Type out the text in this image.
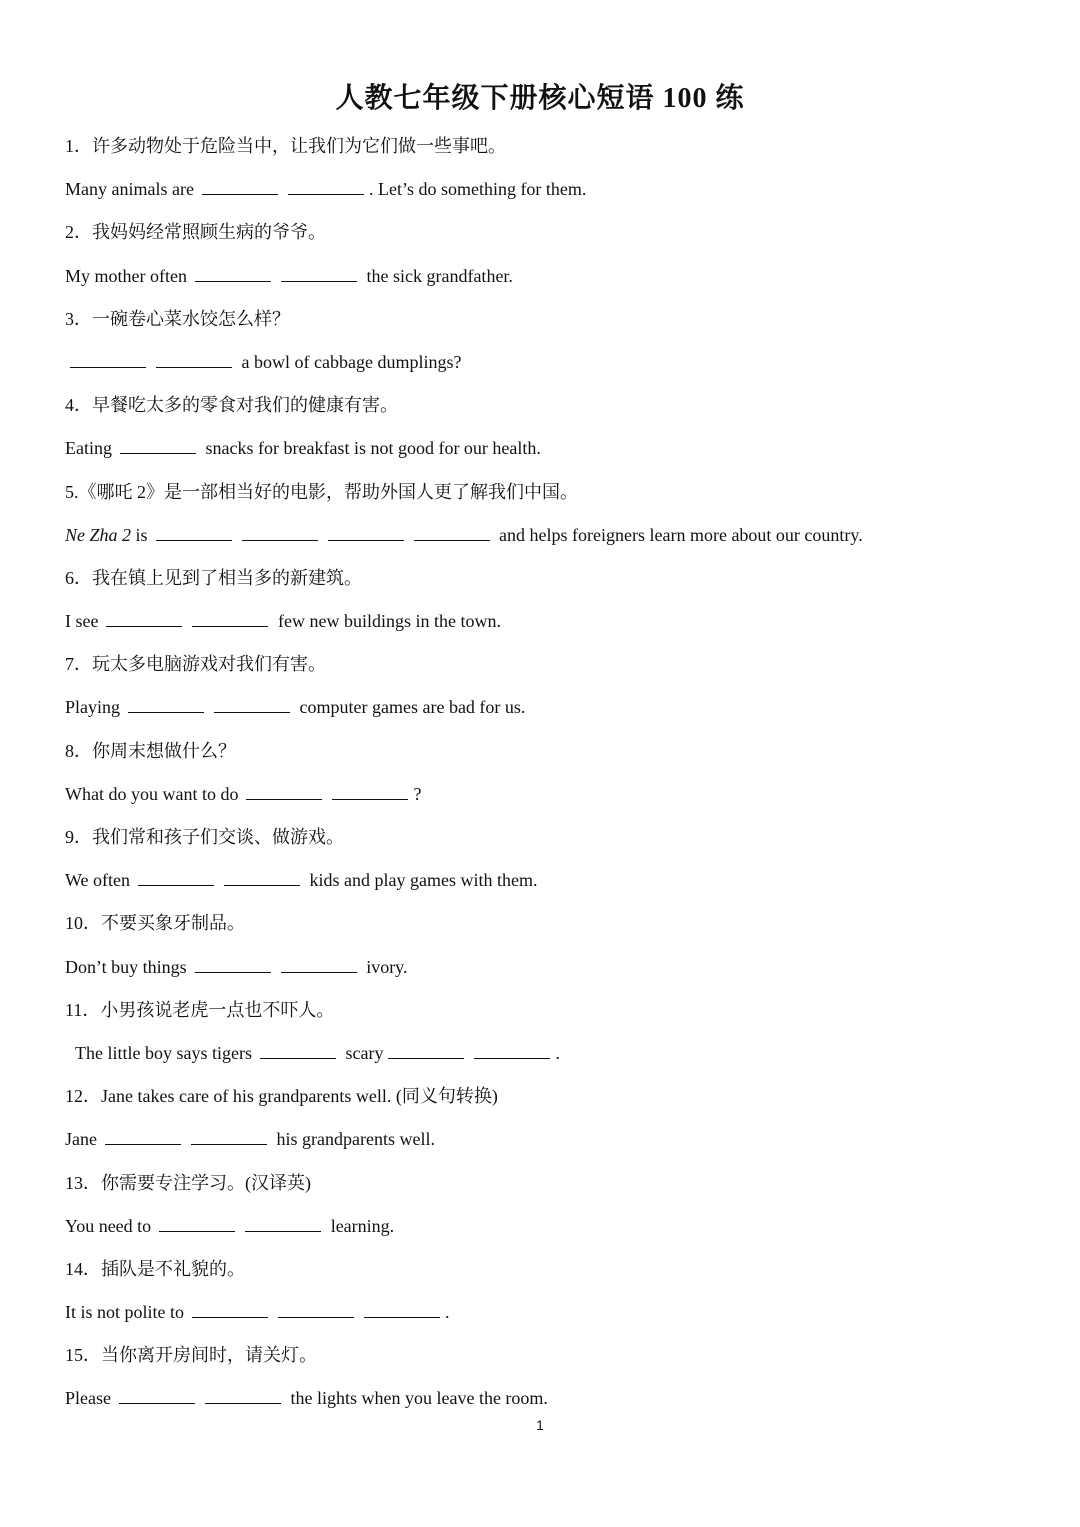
人教七年级下册核心短语 100 练
1．许多动物处于危险当中，让我们为它们做一些事吧。
Many animals are	. Let’s do something for them.
2．我妈妈经常照顾生病的爷爷。
My mother often	the sick grandfather.
3．一碗卷心菜水饺怎么样？
a bowl of cabbage dumplings?
4．早餐吃太多的零食对我们的健康有害。
Eating	snacks for breakfast is not good for our health.
5.《哪吒 2》是一部相当好的电影，帮助外国人更了解我们中国。
Ne Zha 2 is	and helps foreigners learn more about our country.
6．我在镇上见到了相当多的新建筑。
I see	few new buildings in the town.
7．玩太多电脑游戏对我们有害。
Playing	computer games are bad for us.
8．你周末想做什么？
What do you want to do	?
9．我们常和孩子们交谈、做游戏。
We often	kids and play games with them.
10．不要买象牙制品。
Don’t buy things	ivory.
11．小男孩说老虎一点也不吓人。
The little boy says tigers	scary	.
12．Jane takes care of his grandparents well. (同义句转换)
Jane	his grandparents well.
13．你需要专注学习。(汉译英)
You need to	learning.
14．插队是不礼貌的。
It is not polite to	.
15．当你离开房间时，请关灯。
Please	the lights when you leave the room.
1
